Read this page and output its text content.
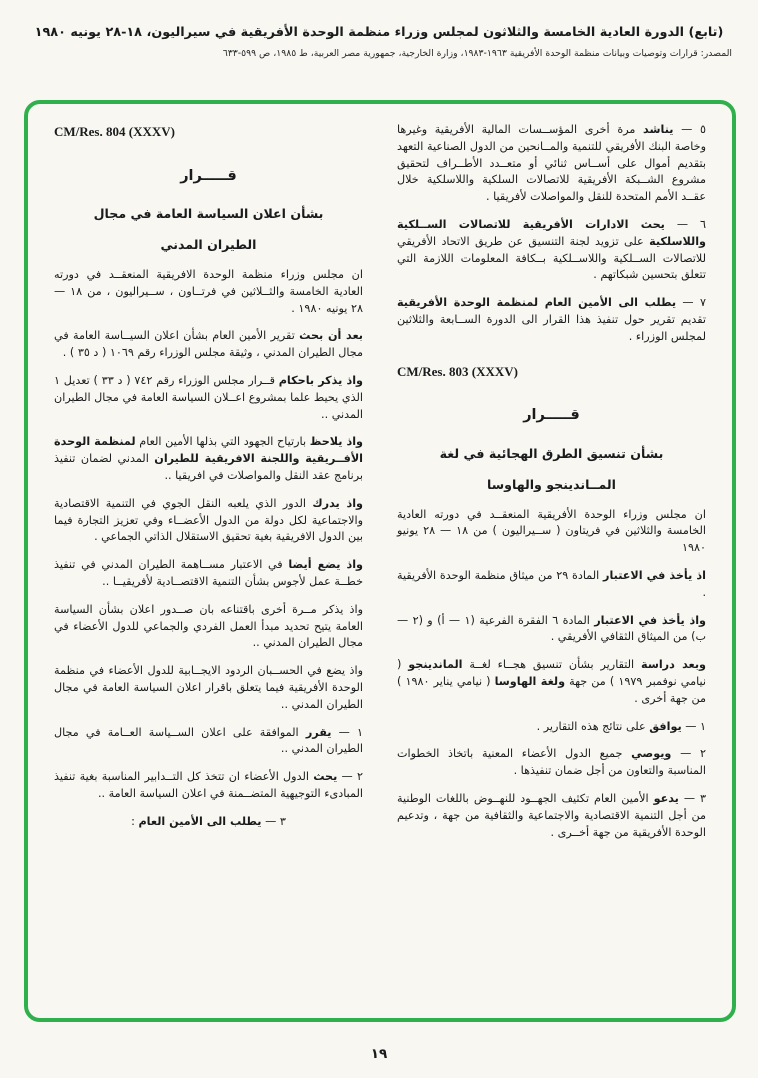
(تابع) الدورة العادية الخامسة والثلاثون لمجلس وزراء منظمة الوحدة الأفريقية في سيراليون، ١٨-٢٨ يونيه ١٩٨٠
المصدر: قرارات وتوصيات وبيانات منظمة الوحدة الأفريقية ١٩٦٣-١٩٨٣، وزارة الخارجية، جمهورية مصر العربية، ط ١٩٨٥، ص ٥٩٩-٦٣٣

٥ — يناشد مرة أخرى المؤســسات المالية الأفريقية وغيرها وخاصة البنك الأفريقي للتنمية والمــانحين من الدول الصناعية التعهد بتقديم أموال على أســاس ثنائي أو متعــدد الأطــراف لتحقيق مشروع الشــبكة الأفريقية للاتصالات السلكية واللاسلكية خلال عقــد الأمم المتحدة للنقل والمواصلات لأفريقيا .

٦ — يحث الادارات الأفريقية للاتصالات الســلكية واللاسلكية على تزويد لجنة التنسيق عن طريق الاتحاد الأفريقي للاتصالات الســلكية واللاســلكية بــكافة المعلومات اللازمة التي تتعلق بتحسين شبكاتهم .

٧ — يطلب الى الأمين العام لمنظمة الوحدة الأفريقية تقديم تقرير حول تنفيذ هذا القرار الى الدورة الســابعة والثلاثين لمجلس الوزراء .

CM/Res. 803 (XXXV)

قـــــرار

بشأن تنسيق الطرق الهجائية في لغة

المــاندينجو والهاوسا

ان مجلس وزراء الوحدة الأفريقية المنعقــد في دورته العادية الخامسة والثلاثين في فريتاون ( ســيراليون ) من ١٨ — ٢٨ يونيو ١٩٨٠

اذ يأخذ في الاعتبار المادة ٢٩ من ميثاق منظمة الوحدة الأفريقية .

واذ يأخذ في الاعتبار المادة ٦ الفقرة الفرعية (١ — أ) و (٢ — ب) من الميثاق الثقافي الأفريقي .

وبعد دراسة التقارير بشأن تنسيق هجــاء لغــة الماندينجو ( نيامي نوفمبر ١٩٧٩ ) من جهة ولغة الهاوسا ( نيامي يناير ١٩٨٠ ) من جهة أخرى .

١ — يوافق على نتائج هذه التقارير .

٢ — ويوصي جميع الدول الأعضاء المعنية باتخاذ الخطوات المناسبة والتعاون من أجل ضمان تنفيذها .

٣ — يدعو الأمين العام تكثيف الجهــود للنهــوض باللغات الوطنية من أجل التنمية الاقتصادية والاجتماعية والثقافية من جهة ، وتدعيم الوحدة الأفريقية من جهة أخــرى .

CM/Res. 804 (XXXV)

قـــــرار

بشأن اعلان السياسة العامة في مجال

الطيران المدني

ان مجلس وزراء منظمة الوحدة الافريقية المنعقــد في دورته العادية الخامسة والثــلاثين في فرتــاون ، ســيراليون ، من ١٨ — ٢٨ يونيه ١٩٨٠ .

بعد أن بحث تقرير الأمين العام بشأن اعلان السيــاسة العامة في مجال الطيران المدني ، وثيقة مجلس الوزراء رقم ١٠٦٩ ( د ٣٥ ) .

واذ يذكر باحكام قــرار مجلس الوزراء رقم ٧٤٢ ( د ٣٣ ) تعديل ١ الذي يحيط علما بمشروع اعــلان السياسة العامة في مجال الطيران المدني ..

واذ يلاحظ بارتياح الجهود التي بذلها الأمين العام لمنظمة الوحدة الأفــريقية واللجنة الافريقية للطيران المدني لضمان تنفيذ برنامج عقد النقل والمواصلات في افريقيا ..

واذ يدرك الدور الذي يلعبه النقل الجوي في التنمية الاقتصادية والاجتماعية لكل دولة من الدول الأعضــاء وفي تعزيز التجارة فيما بين الدول الافريقية بغية تحقيق الاستقلال الذاتي الجماعي .

واذ يضع أيضا في الاعتبار مســاهمة الطيران المدني في تنفيذ خطــة عمل لأجوس بشأن التنمية الاقتصــادية لأفريقيــا ..

واذ يذكر مــرة أخرى باقتناعه بان صــدور اعلان بشأن السياسة العامة يتيح تحديد مبدأ العمل الفردي والجماعي للدول الأعضاء في مجال الطيران المدني ..

واذ يضع في الحســبان الردود الايجــابية للدول الأعضاء في منظمة الوحدة الأفريقية فيما يتعلق باقرار اعلان السياسة العامة في مجال الطيران المدني ..

١ — يقرر الموافقة على اعلان الســياسة العــامة في مجال الطيران المدني ..

٢ — يحث الدول الأعضاء ان تتخذ كل التــدابير المناسبة بغية تنفيذ المبادىء التوجيهية المتضــمنة في اعلان السياسة العامة ..

٣ — يطلب الى الأمين العام :

١٩
